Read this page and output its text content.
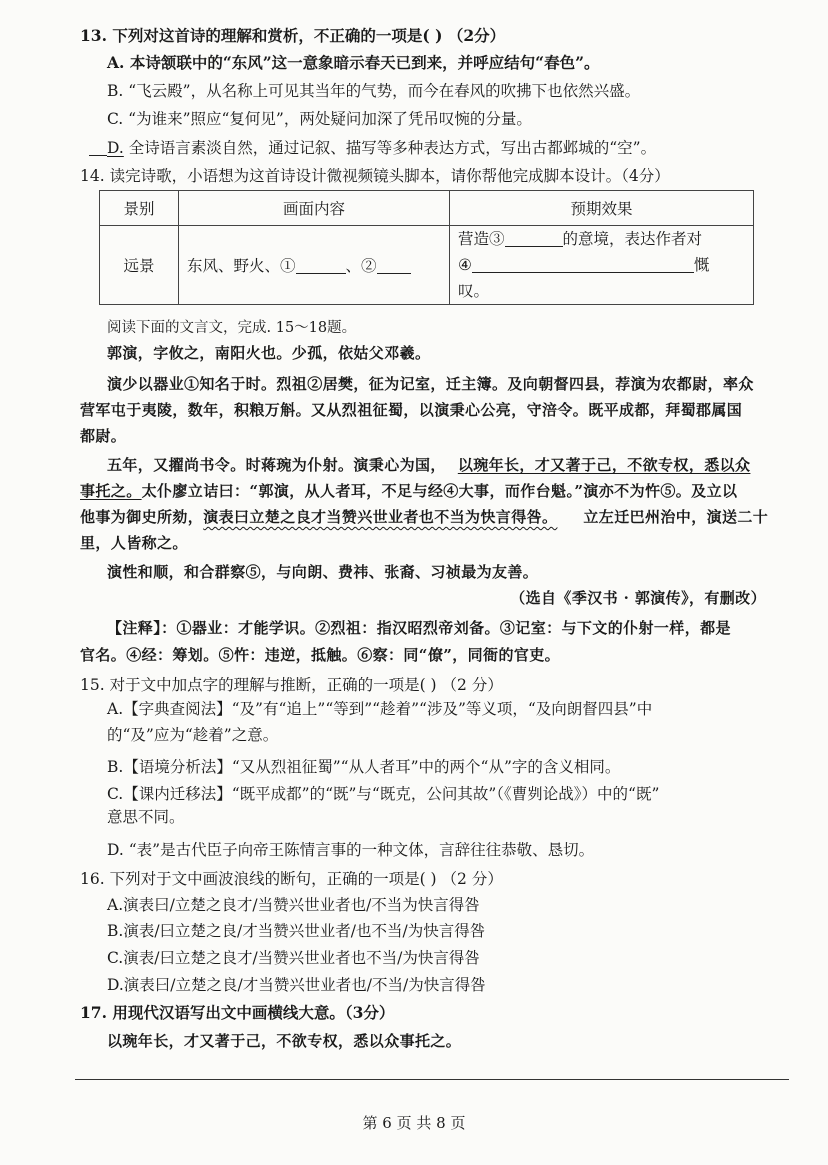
13. 下列对这首诗的理解和赏析，不正确的一项是( ) （2分）
A. 本诗颔联中的“东风”这一意象暗示春天已到来，并呼应结句“春色”。
B. “飞云殿”，从名称上可见其当年的气势，而今在春风的吹拂下也依然兴盛。
C. “为谁来”照应“复何见”，两处疑问加深了凭吊叹惋的分量。
D. 全诗语言素淡自然，通过记叙、描写等多种表达方式，写出古都邺城的“空”。
14. 读完诗歌，小语想为这首诗设计微视频镜头脚本，请你帮他完成脚本设计。（4分）
景别	画面内容	预期效果
远景	东风、野火、① 、②	营造③ 的意境，表达作者对
④ 慨 叹。
阅读下面的文言文，完成. 15～18题。
郭演，字攸之，南阳火也。少孤，依姑父邓羲。
演少以器业①知名于时。烈祖②居樊，征为记室，迁主簿。及向朝督四县，荐演为农都尉，率众
营军屯于夷陵，数年，积粮万斛。又从烈祖征蜀，以演秉心公亮，守涪令。既平成都，拜蜀郡属国
都尉。
五年，又擢尚书令。时蒋琬为仆射。演秉心为国， 以琬年长，才又著于己，不欲专权，悉以众
事托之。太仆廖立诘曰：“郭演，从人者耳，不足与经④大事，而作台魁。”演亦不为忤⑤。及立以
他事为御史所劾，演表曰立楚之良才当赞兴世业者也不当为快言得咎。 立左迁巴州治中，演送二十
里，人皆称之。
演性和顺，和合群察⑤，与向朗、费祎、张裔、习祯最为友善。
（选自《季汉书 · 郭演传》，有删改）
【注释】：①器业：才能学识。②烈祖：指汉昭烈帝刘备。③记室：与下文的仆射一样，都是
官名。④经：筹划。⑤忤：违逆，抵触。⑥察：同“僚”，同衙的官吏。
15. 对于文中加点字的理解与推断，正确的一项是( ) （2 分）
A.【字典查阅法】“及”有“追上”“等到”“趁着”“涉及”等义项，“及向朗督四县”中
的“及”应为“趁着”之意。
B.【语境分析法】“又从烈祖征蜀”“从人者耳”中的两个“从”字的含义相同。
C.【课内迁移法】“既平成都”的“既”与“既克，公问其故”（《曹刿论战》）中的“既”
意思不同。
D. “表”是古代臣子向帝王陈情言事的一种文体，言辞往往恭敬、恳切。
16. 下列对于文中画波浪线的断句，正确的一项是( ) （2 分）
A.演表曰/立楚之良才/当赞兴世业者也/不当为快言得咎
B.演表/曰立楚之良/才当赞兴世业者/也不当/为快言得咎
C.演表/曰立楚之良才/当赞兴世业者也不当/为快言得咎
D.演表曰/立楚之良/才当赞兴世业者也/不当/为快言得咎
17. 用现代汉语写出文中画横线大意。（3分）
以琬年长，才又著于己，不欲专权，悉以众事托之。
第 6 页 共 8 页
